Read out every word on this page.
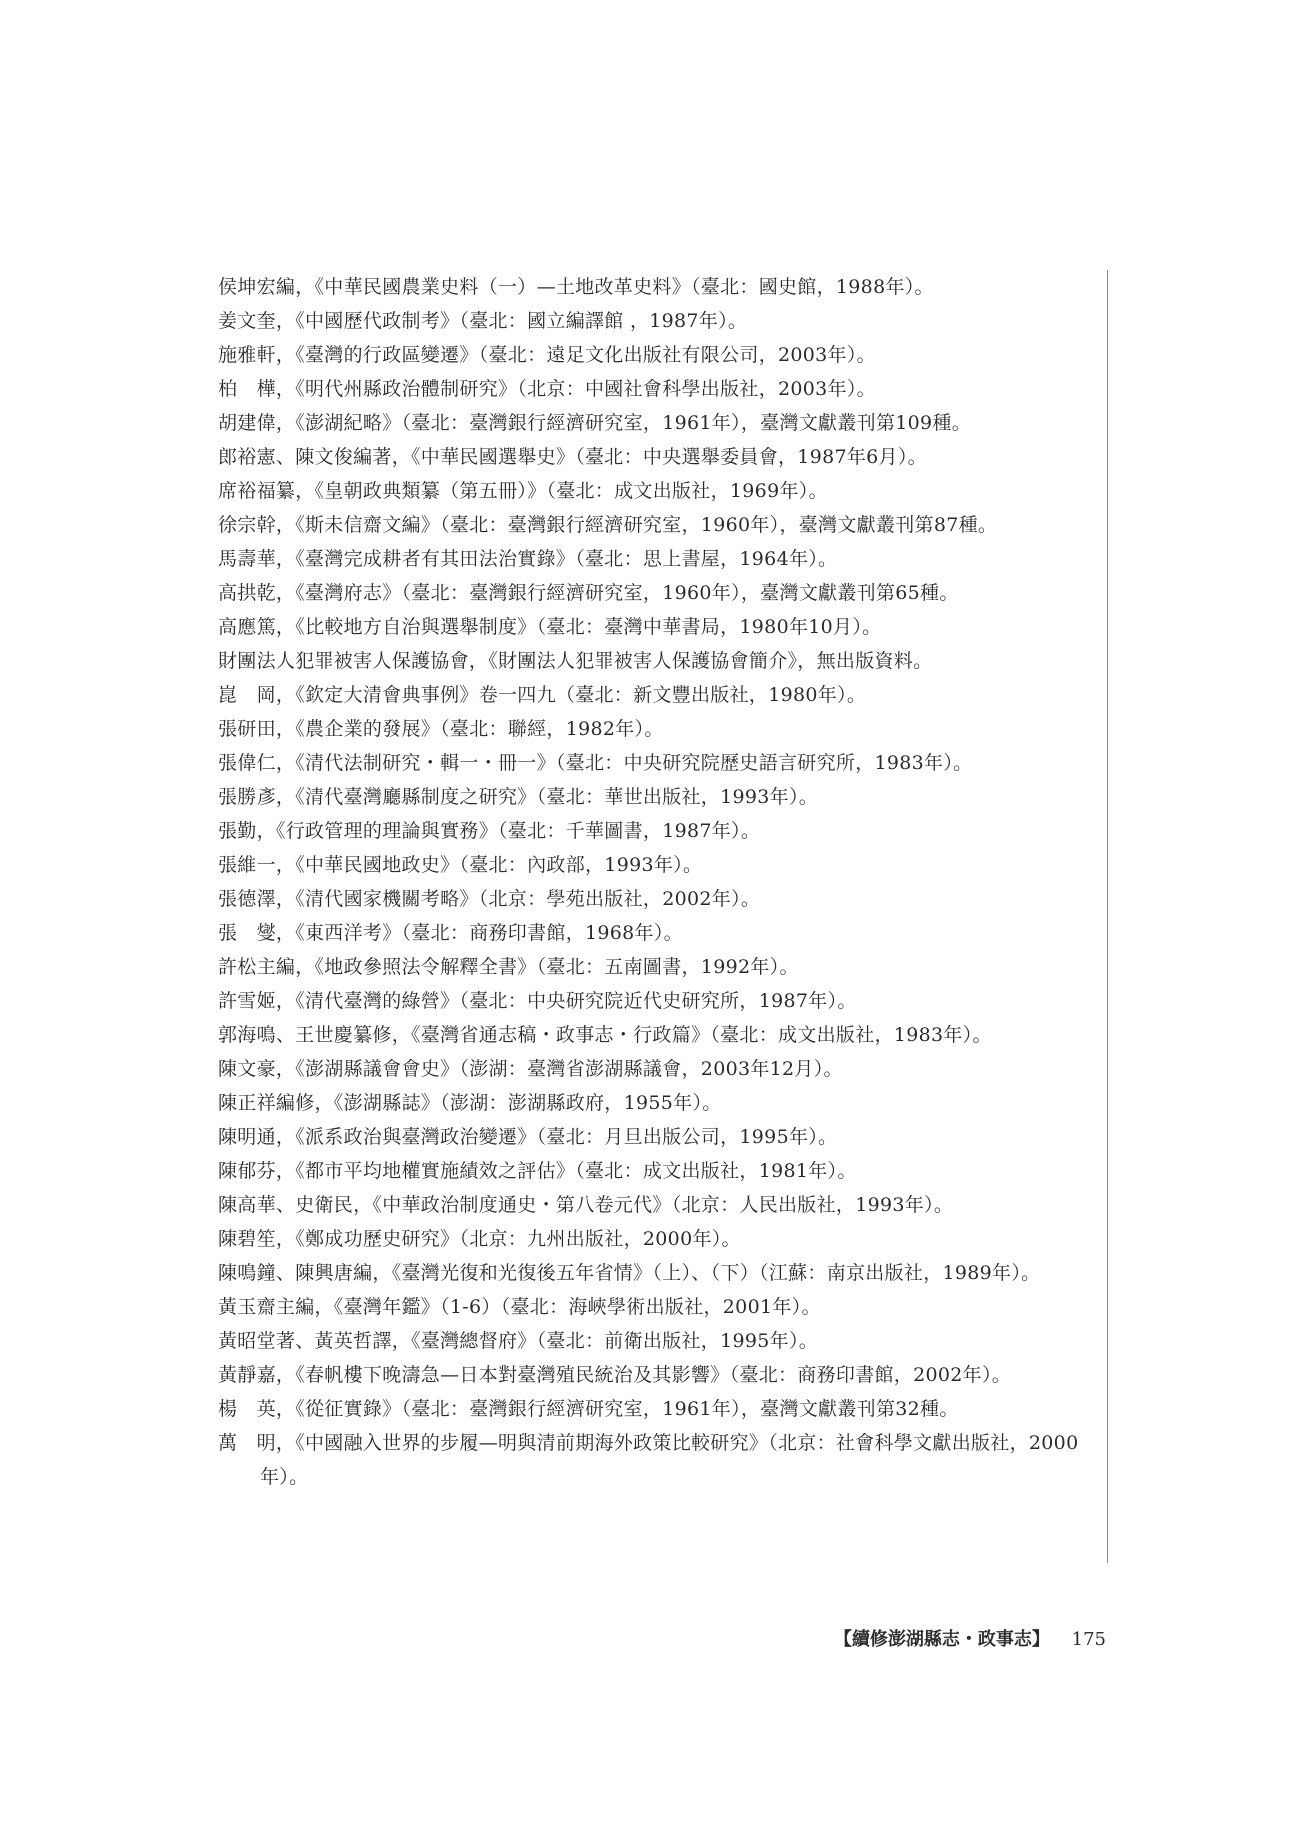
侯坤宏編，《中華民國農業史料（一）—土地改革史料》（臺北：國史館，1988年）。
姜文奎，《中國歷代政制考》（臺北：國立編譯館 ，1987年）。
施雅軒，《臺灣的行政區變遷》（臺北：遠足文化出版社有限公司，2003年）。
柏　樺，《明代州縣政治體制研究》（北京：中國社會科學出版社，2003年）。
胡建偉，《澎湖紀略》（臺北：臺灣銀行經濟研究室，1961年），臺灣文獻叢刊第109種。
郎裕憲、陳文俊編著，《中華民國選舉史》（臺北：中央選舉委員會，1987年6月）。
席裕福纂，《皇朝政典類纂（第五冊）》（臺北：成文出版社，1969年）。
徐宗幹，《斯未信齋文編》（臺北：臺灣銀行經濟研究室，1960年），臺灣文獻叢刊第87種。
馬壽華，《臺灣完成耕者有其田法治實錄》（臺北：思上書屋，1964年）。
高拱乾，《臺灣府志》（臺北：臺灣銀行經濟研究室，1960年），臺灣文獻叢刊第65種。
高應篤，《比較地方自治與選舉制度》（臺北：臺灣中華書局，1980年10月）。
財團法人犯罪被害人保護協會，《財團法人犯罪被害人保護協會簡介》，無出版資料。
崑　岡，《欽定大清會典事例》卷一四九（臺北：新文豐出版社，1980年）。
張研田，《農企業的發展》（臺北：聯經，1982年）。
張偉仁，《清代法制研究・輯一・冊一》（臺北：中央研究院歷史語言研究所，1983年）。
張勝彥，《清代臺灣廳縣制度之研究》（臺北：華世出版社，1993年）。
張勤，《行政管理的理論與實務》（臺北：千華圖書，1987年）。
張維一，《中華民國地政史》（臺北：內政部，1993年）。
張德澤，《清代國家機關考略》（北京：學苑出版社，2002年）。
張　燮，《東西洋考》（臺北：商務印書館，1968年）。
許松主編，《地政參照法令解釋全書》（臺北：五南圖書，1992年）。
許雪姬，《清代臺灣的綠營》（臺北：中央研究院近代史研究所，1987年）。
郭海鳴、王世慶纂修，《臺灣省通志稿・政事志・行政篇》（臺北：成文出版社，1983年）。
陳文豪，《澎湖縣議會會史》（澎湖：臺灣省澎湖縣議會，2003年12月）。
陳正祥編修，《澎湖縣誌》（澎湖：澎湖縣政府，1955年）。
陳明通，《派系政治與臺灣政治變遷》（臺北：月旦出版公司，1995年）。
陳郁芬，《都市平均地權實施績效之評估》（臺北：成文出版社，1981年）。
陳高華、史衛民，《中華政治制度通史・第八卷元代》（北京：人民出版社，1993年）。
陳碧笙，《鄭成功歷史研究》（北京：九州出版社，2000年）。
陳鳴鐘、陳興唐編，《臺灣光復和光復後五年省情》（上）、（下）（江蘇：南京出版社，1989年）。
黃玉齋主編，《臺灣年鑑》（1-6）（臺北：海峽學術出版社，2001年）。
黃昭堂著、黃英哲譯，《臺灣總督府》（臺北：前衛出版社，1995年）。
黃靜嘉，《春帆樓下晚濤急—日本對臺灣殖民統治及其影響》（臺北：商務印書館，2002年）。
楊　英，《從征實錄》（臺北：臺灣銀行經濟研究室，1961年），臺灣文獻叢刊第32種。
萬　明，《中國融入世界的步履—明與清前期海外政策比較研究》（北京：社會科學文獻出版社，2000年）。
【續修澎湖縣志・政事志】 175
